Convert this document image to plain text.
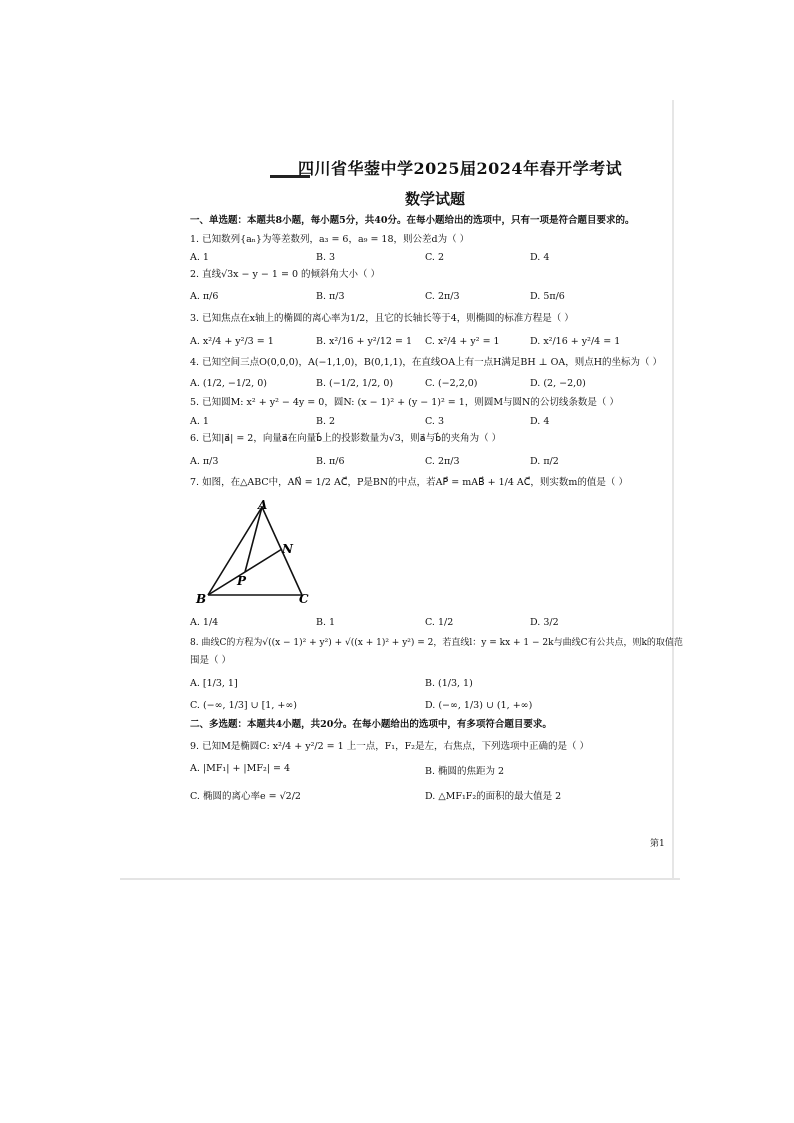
四川省华蓥中学2025届2024年春开学考试
数学试题
一、单选题：本题共8小题，每小题5分，共40分。在每小题给出的选项中，只有一项是符合题目要求的。
1. 已知数列{aₙ}为等差数列，a₃ = 6，a₉ = 18，则公差d为（ ）
A. 1	B. 3	C. 2	D. 4
2. 直线√3x − y − 1 = 0 的倾斜角大小（ ）
A. π/6	B. π/3	C. 2π/3	D. 5π/6
3. 已知焦点在x轴上的椭圆的离心率为1/2，且它的长轴长等于4，则椭圆的标准方程是（ ）
A. x²/4 + y²/3 = 1	B. x²/16 + y²/12 = 1 C. x²/4 + y² = 1	D. x²/16 + y²/4 = 1
4. 已知空间三点O(0,0,0)，A(−1,1,0)，B(0,1,1)，在直线OA上有一点H满足BH ⊥ OA，则点H的坐标为（ ）
A. (1/2, −1/2, 0)	B. (−1/2, 1/2, 0)	C. (−2,2,0)	D. (2, −2,0)
5. 已知圆M: x² + y² − 4y = 0，圆N: (x − 1)² + (y − 1)² = 1，则圆M与圆N的公切线条数是（ ）
A. 1	B. 2	C. 3	D. 4
6. 已知|a⃗| = 2，向量a⃗在向量b⃗上的投影数量为√3，则a⃗与b⃗的夹角为（ ）
A. π/3	B. π/6	C. 2π/3	D. π/2
7. 如图，在△ABC中，AN⃗ = 1/2 AC⃗，P是BN的中点，若AP⃗ = mAB⃗ + 1/4 AC⃗，则实数m的值是（ ）
A
B	C
N
P
A. 1/4	B. 1	C. 1/2	D. 3/2
8. 曲线C的方程为√((x − 1)² + y²) + √((x + 1)² + y²) = 2，若直线l：y = kx + 1 − 2k与曲线C有公共点，则k的取值范
围是（ ）
A. [1/3, 1]	B. (1/3, 1)
C. (−∞, 1/3] ∪ [1, +∞)	D. (−∞, 1/3) ∪ (1, +∞)
二、多选题：本题共4小题，共20分。在每小题给出的选项中，有多项符合题目要求。
9. 已知M是椭圆C: x²/4 + y²/2 = 1 上一点，F₁，F₂是左，右焦点，下列选项中正确的是（ ）
A. |MF₁| + |MF₂| = 4	B. 椭圆的焦距为 2
C. 椭圆的离心率e = √2/2	D. △MF₁F₂的面积的最大值是 2
第1
